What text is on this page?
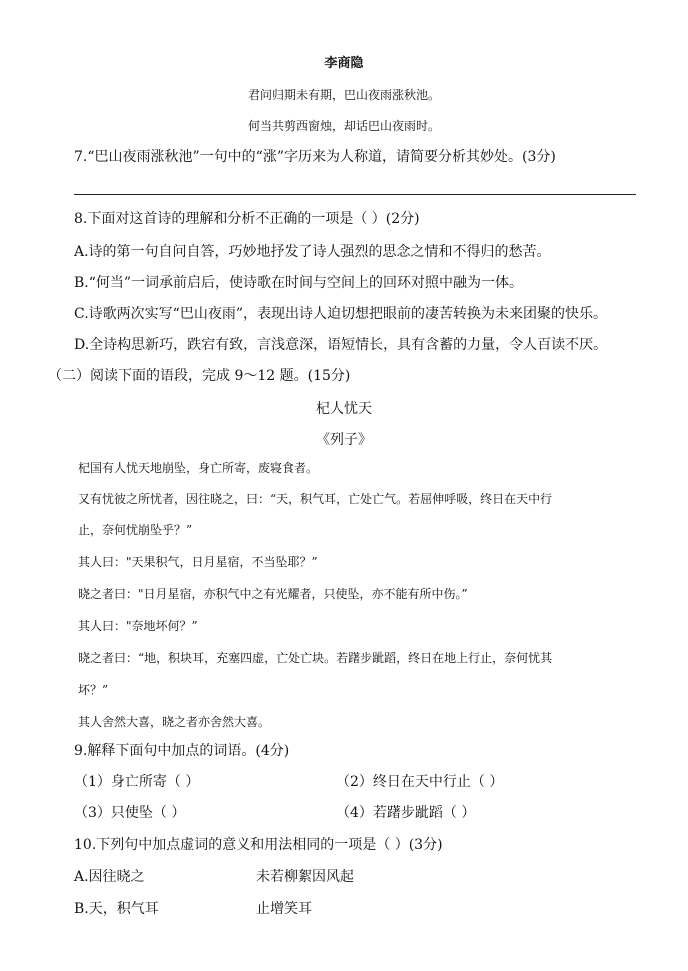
李商隐
君问归期未有期，巴山夜雨涨秋池。
何当共剪西窗烛，却话巴山夜雨时。
7.“巴山夜雨涨秋池”一句中的“涨”字历来为人称道，请简要分析其妙处。(3分)
8.下面对这首诗的理解和分析不正确的一项是（ ）(2分)
A.诗的第一句自问自答，巧妙地抒发了诗人强烈的思念之情和不得归的愁苦。
B.“何当”一词承前启后，使诗歌在时间与空间上的回环对照中融为一体。
C.诗歌两次实写“巴山夜雨”，表现出诗人迫切想把眼前的凄苦转换为未来团聚的快乐。
D.全诗构思新巧，跌宕有致，言浅意深，语短情长，具有含蓄的力量，令人百读不厌。
（二）阅读下面的语段，完成 9～12 题。(15分)
杞人忧天
《列子》
杞国有人忧天地崩坠，身亡所寄，废寝食者。
又有忧彼之所忧者，因往晓之，曰：“天，积气耳，亡处亡气。若屈伸呼吸，终日在天中行
止，奈何忧崩坠乎？”
其人曰："天果积气，日月星宿，不当坠耶？”
晓之者曰："日月星宿，亦积气中之有光耀者，只使坠，亦不能有所中伤。”
其人曰："奈地坏何？”
晓之者曰：“地，积块耳，充塞四虚，亡处亡块。若躇步跐蹈，终日在地上行止，奈何忧其
坏？”
其人舍然大喜，晓之者亦舍然大喜。
9.解释下面句中加点的词语。(4分)
（1）身亡所寄（ ）	（2）终日在天中行止（ ）
（3）只使坠（ ）	（4）若躇步跐蹈（ ）
10.下列句中加点虚词的意义和用法相同的一项是（ ）(3分)
A.因往晓之	未若柳絮因风起
B.天，积气耳	止增笑耳
